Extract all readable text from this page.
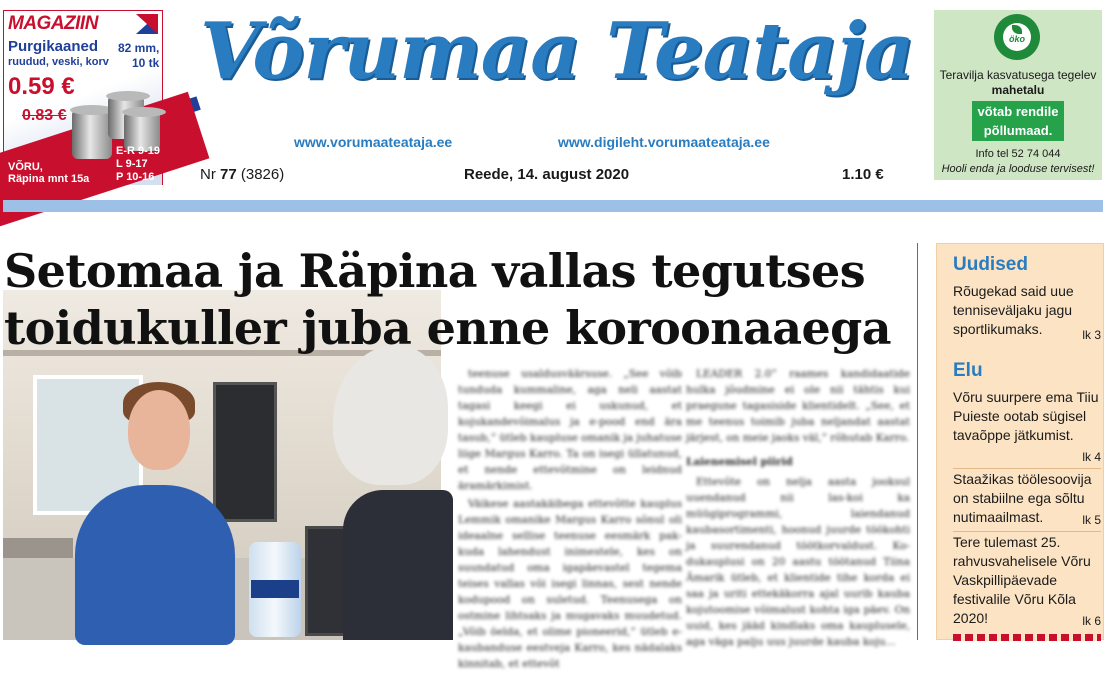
MAGAZIIN
Purgikaaned 82 mm,
ruudud, veski, korv 10 tk
0.59 €
0.83 €
VÕRU,
Räpina mnt 15a
E-R 9-19
L 9-17
P 10-16
Võrumaa Teataja
www.vorumaateataja.ee	www.digileht.vorumaateataja.ee
Nr 77 (3826)	Reede, 14. august 2020	1.10 €
öko
Teravilja kasvatusega tegelev
mahetalu
võtab rendile
põllumaad.
Info tel 52 74 044
Hooli enda ja looduse tervisest!
Setomaa ja Räpina vallas tegutses
toidukuller juba enne koroonaaega

teenuse usaldusväärsuse. „See võib tunduda kummaline, aga neli aastat tagasi keegi ei uskunud, et kojukandevõimalus ja e-pood end ära tasub,” ütleb kaupluse omanik ja juhatuse liige Margus Karro. Ta on isegi üllatunud, et nende ettevõtmine on leidnud äramärkimist.

Väikese aastakäibega ettevõtte kauplus Lemmik omanike Margus Karro sõnul oli ideaalne sellise teenuse eesmärk pakkuda lahendust inimestele, kes on suundatud oma igapäevastel tegema teises vallas või isegi linnas, sest nende kodupood on suletud. Teenusega on ostmine lihtsaks ja mugavaks muudetud. „Võib öelda, et olime pioneerid,” ütleb e-kaubanduse eestveja Karro, kes nädalaks kinnitab, et ettevõt

LEADER 2.0” raames kandidaatide hulka jõudmine ei ole nii tähtis kui praegune tagasiside klientidelt. „See, et me teenus toimib juba neljandat aastat järjest, on meie jaoks väl,” rõhutab Karro.

Laienemisel piirid

Ettevõte on nelja aasta jooksul uuendanud nii las-koi ka müügiprogrammi, laiendanud kaubasortimenti, hoonud juurde töökohti ja suurendanud töötkorvaldust. Kodukauplusi on 20 aastu töötanud Tiina Ämarik ütleb, et klientide tihe korda ei saa ja uriti ettekäkorra ajal uurib kauba kojutoomise võimalust kohta iga päev. On uuid, kes jääd kindlaks oma kauplusele, aga väga palju uus juurde kauba koju...

Uudised
Rõugekad said uue tenniseväljaku jagu sportlikumaks.	lk 3
Elu
Võru suurpere ema Tiiu Puieste ootab sügisel tavaõppe jätkumist.
lk 4
Staažikas töölesoovija on stabiilne ega sõltu nutimaailmast.	lk 5
Tere tulemast 25. rahvusvahelisele Võru Vaskpillipäevade festivalile Võru Kõla 2020!	lk 6
